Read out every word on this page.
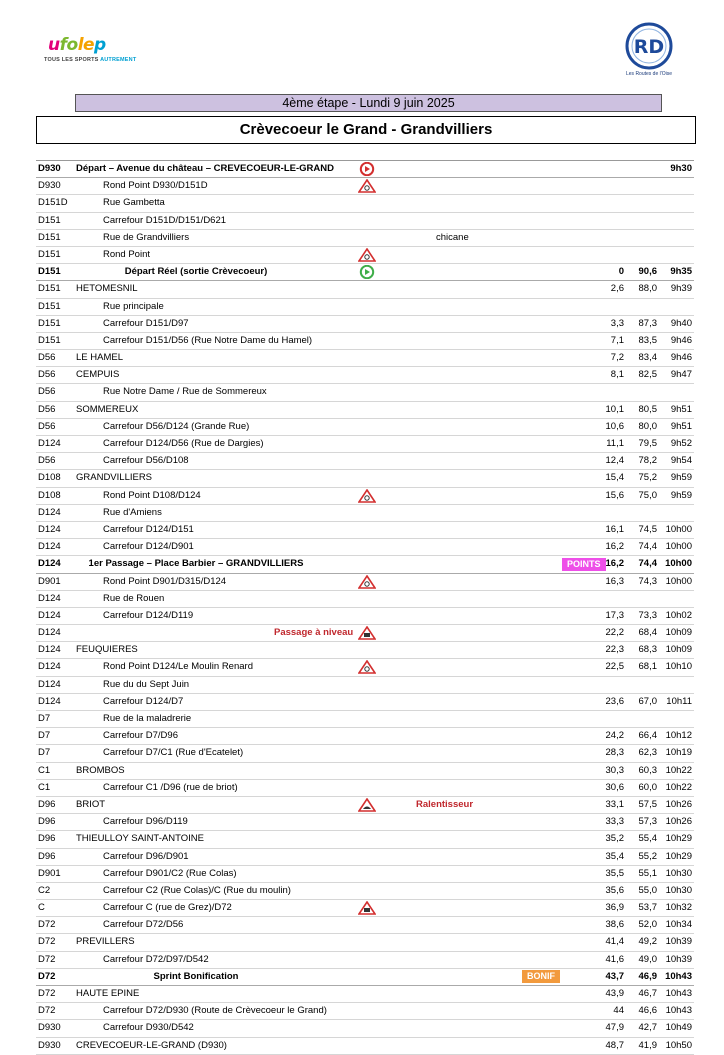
ufolep
TOUS LES SPORTS AUTREMENT
RD
Les Routes de l'Oise
4ème étape - Lundi 9 juin 2025
Crèvecoeur le Grand - Grandvilliers
D930 Départ – Avenue du château – CREVECOEUR-LE-GRAND	9h30
D930	Rond Point D930/D151D
D151D	Rue Gambetta
D151	Carrefour D151D/D151/D621
D151	Rue de Grandvilliers	chicane
D151	Rond Point
D151	Départ Réel (sortie Crèvecoeur)	0 90,6 9h35
D151 HETOMESNIL	2,6 88,0 9h39
D151	Rue principale
D151	Carrefour D151/D97	3,3 87,3 9h40
D151	Carrefour D151/D56 (Rue Notre Dame du Hamel)	7,1 83,5 9h46
D56 LE HAMEL	7,2 83,4 9h46
D56 CEMPUIS	8,1 82,5 9h47
D56	Rue Notre Dame / Rue de Sommereux
D56 SOMMEREUX	10,1 80,5 9h51
D56	Carrefour D56/D124 (Grande Rue)	10,6 80,0 9h51
D124	Carrefour D124/D56 (Rue de Dargies)	11,1 79,5 9h52
D56	Carrefour D56/D108	12,4 78,2 9h54
D108 GRANDVILLIERS	15,4 75,2 9h59
D108	Rond Point D108/D124	15,6 75,0 9h59
D124	Rue d'Amiens
D124	Carrefour D124/D151	16,1 74,5 10h00
D124	Carrefour D124/D901	16,2 74,4 10h00
D124	1er Passage – Place Barbier – GRANDVILLIERS	POINTS 16,2 74,4 10h00
D901	Rond Point D901/D315/D124	16,3 74,3 10h00
D124	Rue de Rouen
D124	Carrefour D124/D119	17,3 73,3 10h02
D124	Passage à niveau	22,2 68,4 10h09
D124 FEUQUIERES	22,3 68,3 10h09
D124	Rond Point D124/Le Moulin Renard	22,5 68,1 10h10
D124	Rue du du Sept Juin
D124	Carrefour D124/D7	23,6 67,0 10h11
D7	Rue de la maladrerie
D7	Carrefour D7/D96	24,2 66,4 10h12
D7	Carrefour D7/C1 (Rue d'Ecatelet)	28,3 62,3 10h19
C1	BROMBOS	30,3 60,3 10h22
C1	Carrefour C1 /D96 (rue de briot)	30,6 60,0 10h22
D96 BRIOT	Ralentisseur	33,1 57,5 10h26
D96	Carrefour D96/D119	33,3 57,3 10h26
D96 THIEULLOY SAINT-ANTOINE	35,2 55,4 10h29
D96	Carrefour D96/D901	35,4 55,2 10h29
D901	Carrefour D901/C2 (Rue Colas)	35,5 55,1 10h30
C2	Carrefour C2 (Rue Colas)/C (Rue du moulin)	35,6 55,0 10h30
C	Carrefour C (rue de Grez)/D72	36,9 53,7 10h32
D72	Carrefour D72/D56	38,6 52,0 10h34
D72 PREVILLERS	41,4 49,2 10h39
D72	Carrefour D72/D97/D542	41,6 49,0 10h39
D72	Sprint Bonification	BONIF	43,7 46,9 10h43
D72 HAUTE EPINE	43,9 46,7 10h43
D72	Carrefour D72/D930 (Route de Crèvecoeur le Grand)	44 46,6 10h43
D930	Carrefour D930/D542	47,9 42,7 10h49
D930 CREVECOEUR-LE-GRAND (D930)	48,7 41,9 10h50
